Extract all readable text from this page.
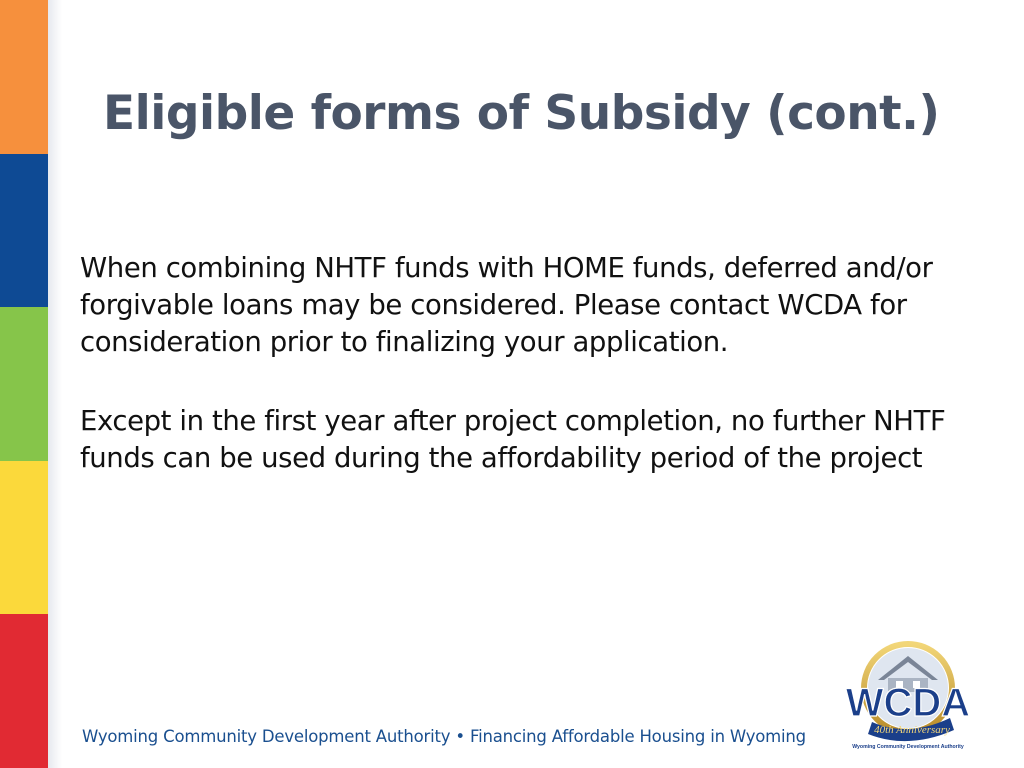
Eligible forms of Subsidy (cont.)

When combining NHTF funds with HOME funds, deferred and/or forgivable loans may be considered. Please contact WCDA for consideration prior to finalizing your application.

Except in the first year after project completion, no further NHTF funds can be used during the affordability period of the project

Wyoming Community Development Authority • Financing Affordable Housing in Wyoming
WCDA
40th Anniversary
Wyoming Community Development Authority
